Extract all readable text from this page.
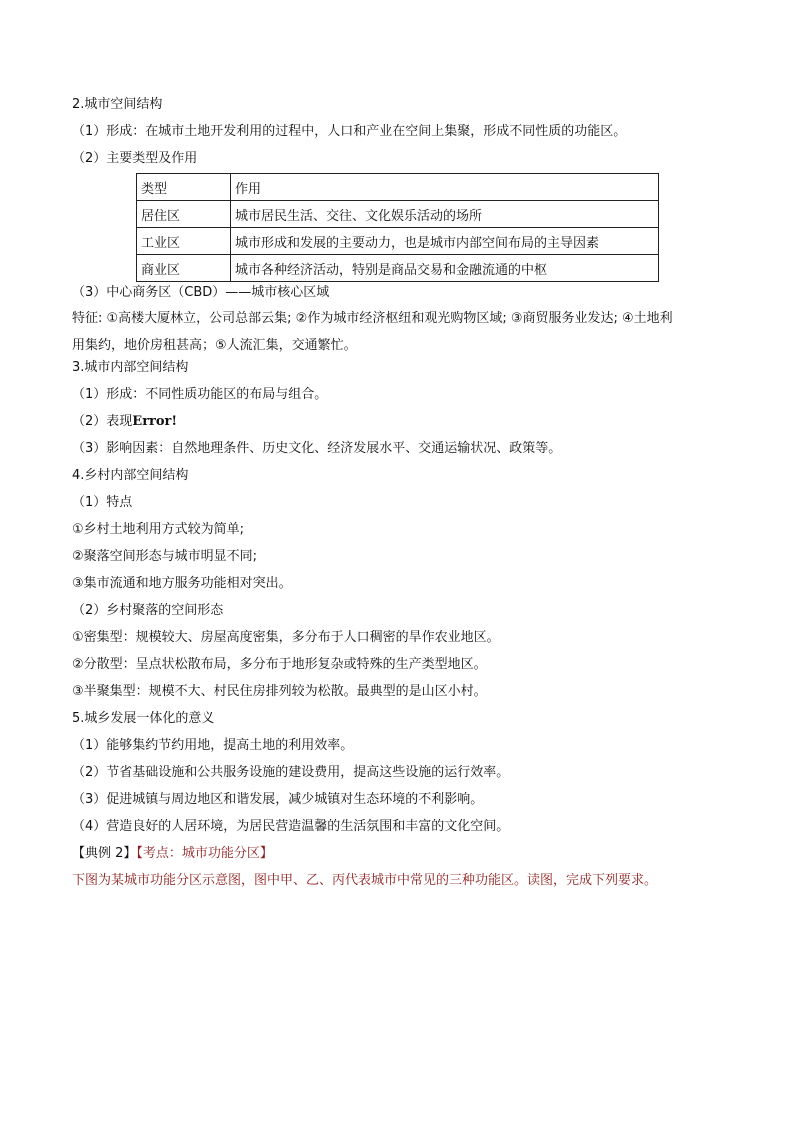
2.城市空间结构
（1）形成：在城市土地开发利用的过程中，人口和产业在空间上集聚，形成不同性质的功能区。
（2）主要类型及作用
类型	作用
居住区	城市居民生活、交往、文化娱乐活动的场所
工业区	城市形成和发展的主要动力，也是城市内部空间布局的主导因素
商业区	城市各种经济活动，特别是商品交易和金融流通的中枢
（3）中心商务区（CBD）——城市核心区域
特征: ①高楼大厦林立，公司总部云集; ②作为城市经济枢纽和观光购物区域; ③商贸服务业发达; ④土地利
用集约，地价房租甚高；⑤人流汇集，交通繁忙。
3.城市内部空间结构
（1）形成：不同性质功能区的布局与组合。
（2）表现Error!
（3）影响因素：自然地理条件、历史文化、经济发展水平、交通运输状况、政策等。
4.乡村内部空间结构
（1）特点
①乡村土地利用方式较为简单;
②聚落空间形态与城市明显不同;
③集市流通和地方服务功能相对突出。
（2）乡村聚落的空间形态
①密集型：规模较大、房屋高度密集，多分布于人口稠密的旱作农业地区。
②分散型：呈点状松散布局，多分布于地形复杂或特殊的生产类型地区。
③半聚集型：规模不大、村民住房排列较为松散。最典型的是山区小村。
5.城乡发展一体化的意义
（1）能够集约节约用地，提高土地的利用效率。
（2）节省基础设施和公共服务设施的建设费用，提高这些设施的运行效率。
（3）促进城镇与周边地区和谐发展，减少城镇对生态环境的不利影响。
（4）营造良好的人居环境，为居民营造温馨的生活氛围和丰富的文化空间。
【典例 2】【考点：城市功能分区】
下图为某城市功能分区示意图，图中甲、乙、丙代表城市中常见的三种功能区。读图，完成下列要求。
